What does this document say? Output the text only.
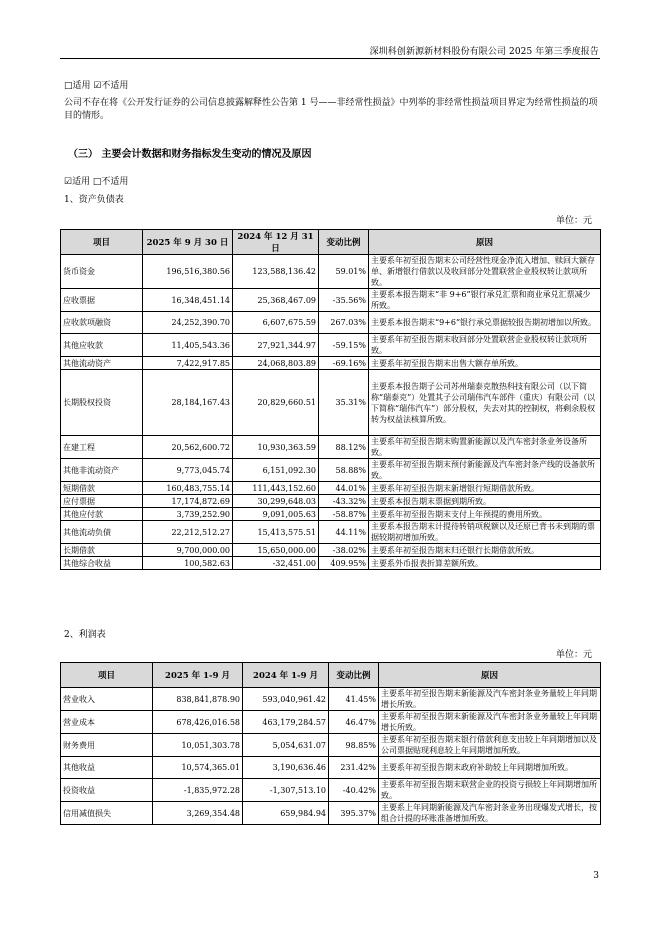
深圳科创新源新材料股份有限公司 2025 年第三季度报告
□适用 ☑不适用
公司不存在将《公开发行证券的公司信息披露解释性公告第 1 号——非经常性损益》中列举的非经常性损益项目界定为经常性损益的项目的情形。
（三） 主要会计数据和财务指标发生变动的情况及原因
☑适用 □不适用
1、资产负债表
单位：元
项目	2025 年 9 月 30 日	2024 年 12 月 31 日	变动比例	原因
货币资金	196,516,380.56	123,588,136.42	59.01%	主要系年初至报告期末公司经营性现金净流入增加、赎回大额存单、新增银行借款以及收回部分处置联营企业股权转让款项所致。
应收票据	16,348,451.14	25,368,467.09	-35.56%	主要系本报告期末“非 9+6”银行承兑汇票和商业承兑汇票减少所致。
应收款项融资	24,252,390.70	6,607,675.59	267.03%	主要系本报告期末“9+6”银行承兑票据较报告期初增加以所致。
其他应收款	11,405,543.36	27,921,344.97	-59.15%	主要系年初至报告期末收回部分处置联营企业股权转让款项所致。
其他流动资产	7,422,917.85	24,068,803.89	-69.16%	主要系年初至报告期末出售大额存单所致。
长期股权投资	28,184,167.43	20,829,660.51	35.31%	主要系本报告期子公司苏州瑞泰克散热科技有限公司（以下简称“瑞泰克”）处置其子公司瑞伟汽车部件（重庆）有限公司（以下简称“瑞伟汽车”）部分股权，失去对其的控制权，将剩余股权转为权益法核算所致。
在建工程	20,562,600.72	10,930,363.59	88.12%	主要系年初至报告期末购置新能源以及汽车密封条业务设备所致。
其他非流动资产	9,773,045.74	6,151,092.30	58.88%	主要系年初至报告期末预付新能源及汽车密封条产线的设备款所致。
短期借款	160,483,755.14	111,443,152.60	44.01%	主要系年初至报告期末新增银行短期借款所致。
应付票据	17,174,872.69	30,299,648.03	-43.32%	主要系本报告期末票据到期所致。
其他应付款	3,739,252.90	9,091,005.63	-58.87%	主要系年初至报告期末支付上年预提的费用所致。
其他流动负债	22,212,512.27	15,413,575.51	44.11%	主要系本报告期末计提待转销项税额以及还原已背书未到期的票据较期初增加所致。
长期借款	9,700,000.00	15,650,000.00	-38.02%	主要系年初至报告期末归还银行长期借款所致。
其他综合收益	100,582.63	-32,451.00	409.95%	主要系外币报表折算差额所致。
2、利润表
单位：元
项目	2025 年 1-9 月	2024 年 1-9 月	变动比例	原因
营业收入	838,841,878.90	593,040,961.42	41.45%	主要系年初至报告期末新能源及汽车密封条业务量较上年同期增长所致。
营业成本	678,426,016.58	463,179,284.57	46.47%	主要系年初至报告期末新能源及汽车密封条业务量较上年同期增长所致。
财务费用	10,051,303.78	5,054,631.07	98.85%	主要系年初至报告期末银行借款利息支出较上年同期增加以及公司票据贴现利息较上年同期增加所致。
其他收益	10,574,365.01	3,190,636.46	231.42%	主要系年初至报告期末政府补助较上年同期增加所致。
投资收益	-1,835,972.28	-1,307,513.10	-40.42%	主要系年初至报告期末联营企业的投资亏损较上年同期增加所致。
信用减值损失	3,269,354.48	659,984.94	395.37%	主要系上年同期新能源及汽车密封条业务出现爆发式增长，按组合计提的坏账准备增加所致。
3
